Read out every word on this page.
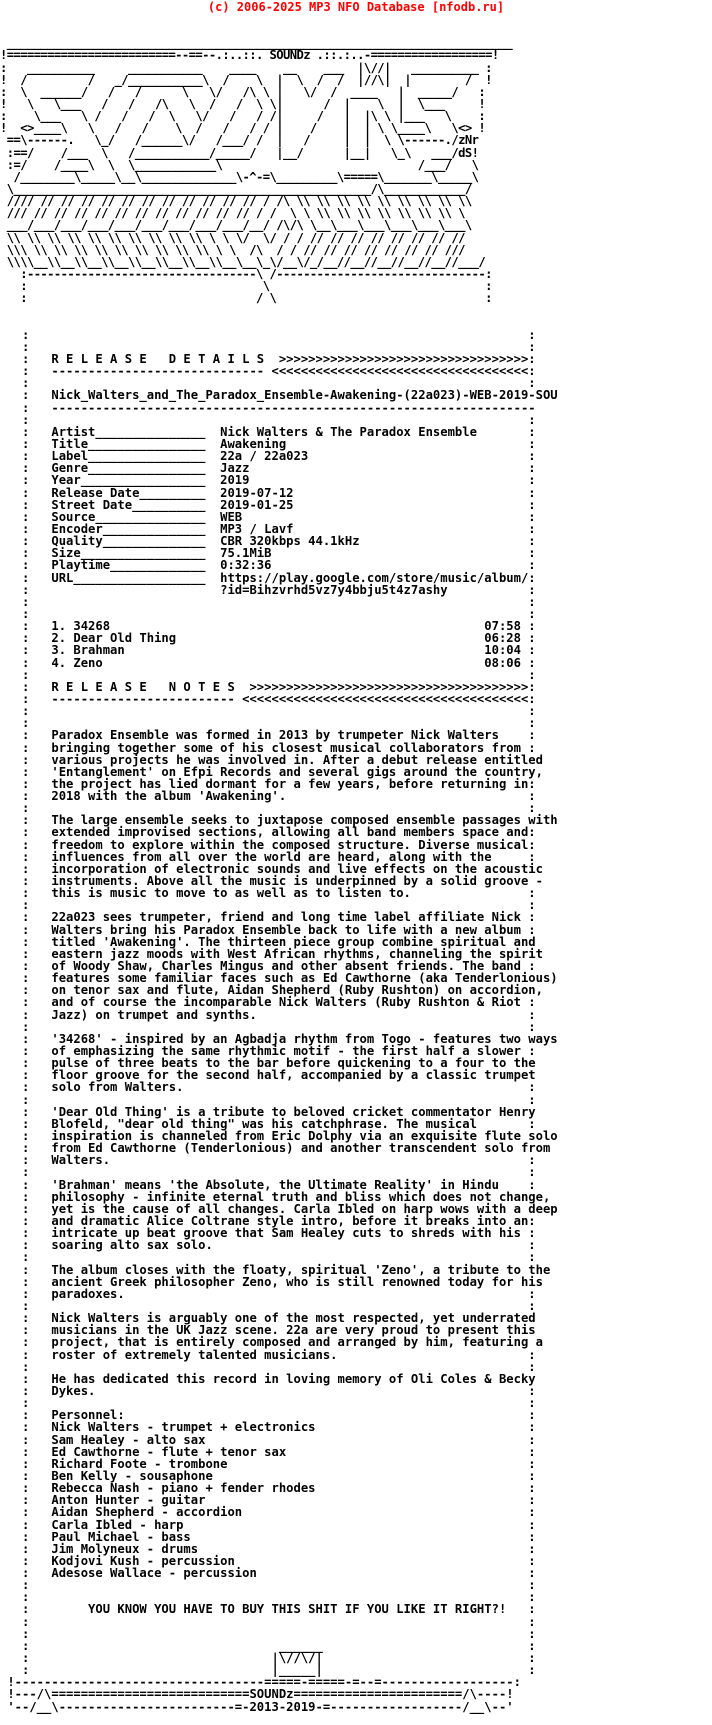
(c) 2006-2025 MP3 NFO Database [nfodb.ru]

___________________________________________________________________________
!=========================--==--.:..::. SOUNDz .::.:..-==================!
:   __________     ___________    ____    __    ___  |\//|   __________ :
!  /         /   _/___________\  /    \  |  \  /  /  |//\|  |        /  !
:  \  ______/   /   /      \   \/   /\ \ |   \/  /  ____   |  _____/   :
!   \   \___   /   /   /\   \  /   /  \ \|      /  |    \  |  \___     !
:    \___   \ /   /   /  \   \/   /   / /|     /   |  |\ \ |___   \    :
!  <>____\   \   /   /    \  /   /   / / |    /    |  | \ \____\   \<> !
==\------.   \_/   /______\/   /___/ /  |   /     |  |  \ \------./zNr
:==/    /___  \   /___________/_____/   |__/      |__|   \_\   ___/dS!
:=/    /____\  \  \____________\                             /___/   \
/________\_____\__\______________\-^-=\_________\=====\_______\_____\
\_____________________________________________________/\____________/
//// // // // // // // // // // // // / /\ \\ \\ \\ \\ \\ \\ \\ \\ \\
/// // // // // // // // // // // // / /  \ \ \\ \\ \\ \\ \\ \\ \\ \
___/___/___/___/___/___/___/___/___/__/ /\/\ \__\___\___\___\___\___\
\\ \\ \\ \\ \\ \\ \\ \\ \\ \\ \ \ \/  \/ / / // // // // // // // //
\\\ \\ \\ \\ \\ \\ \\ \\ \\ \\ \ \  /\  / / // // // // // // // ///
\\\\__\\__\\__\\__\\__\\__\\__\\__\__\_\/__\/_/__//__//__//__//__//___/
:----------------------------------\ /-------------------------------:
:                                   \                                :
:                                  / \                               :

:                                                                    :
:                                                                    :
:   R E L E A S E   D E T A I L S  >>>>>>>>>>>>>>>>>>>>>>>>>>>>>>>>>>:
:   ----------------------------- <<<<<<<<<<<<<<<<<<<<<<<<<<<<<<<<<<<:
:                                                                    :
:   Nick_Walters_and_The_Paradox_Ensemble-Awakening-(22a023)-WEB-2019-SOU
:   ------------------------------------------------------------------
:                                                                    :
:   Artist_______________  Nick Walters & The Paradox Ensemble       :
:   Title________________  Awakening                                 :
:   Label________________  22a / 22a023                              :
:   Genre________________  Jazz                                      :
:   Year_________________  2019                                      :
:   Release Date_________  2019-07-12                                :
:   Street Date__________  2019-01-25                                :
:   Source_______________  WEB                                       :
:   Encoder______________  MP3 / Lavf                                :
:   Quality______________  CBR 320kbps 44.1kHz                       :
:   Size_________________  75.1MiB                                   :
:   Playtime_____________  0:32:36                                   :
:   URL__________________  https://play.google.com/store/music/album/:
:                          ?id=Bihzvrhd5vz7y4bbju5t4z7ashy           :
:                                                                    :
:                                                                    :
:   1. 34268                                                   07:58 :
:   2. Dear Old Thing                                          06:28 :
:   3. Brahman                                                 10:04 :
:   4. Zeno                                                    08:06 :
:                                                                    :
:   R E L E A S E   N O T E S  >>>>>>>>>>>>>>>>>>>>>>>>>>>>>>>>>>>>>>:
:   ------------------------- <<<<<<<<<<<<<<<<<<<<<<<<<<<<<<<<<<<<<<<:
:                                                                    :
:                                                                    :
:   Paradox Ensemble was formed in 2013 by trumpeter Nick Walters    :
:   bringing together some of his closest musical collaborators from :
:   various projects he was involved in. After a debut release entitled
:   'Entanglement' on Efpi Records and several gigs around the country,
:   the project has lied dormant for a few years, before returning in:
:   2018 with the album 'Awakening'.                                 :
:                                                                    :
:   The large ensemble seeks to juxtapose composed ensemble passages with
:   extended improvised sections, allowing all band members space and:
:   freedom to explore within the composed structure. Diverse musical:
:   influences from all over the world are heard, along with the     :
:   incorporation of electronic sounds and live effects on the acoustic
:   instruments. Above all the music is underpinned by a solid groove -
:   this is music to move to as well as to listen to.                :
:                                                                    :
:   22a023 sees trumpeter, friend and long time label affiliate Nick :
:   Walters bring his Paradox Ensemble back to life with a new album :
:   titled 'Awakening'. The thirteen piece group combine spiritual and
:   eastern jazz moods with West African rhythms, channeling the spirit
:   of Woody Shaw, Charles Mingus and other absent friends. The band :
:   features some familiar faces such as Ed Cawthorne (aka Tenderlonious)
:   on tenor sax and flute, Aidan Shepherd (Ruby Rushton) on accordion,
:   and of course the incomparable Nick Walters (Ruby Rushton & Riot :
:   Jazz) on trumpet and synths.                                     :
:                                                                    :
:   '34268' - inspired by an Agbadja rhythm from Togo - features two ways
:   of emphasizing the same rhythmic motif - the first half a slower :
:   pulse of three beats to the bar before quickening to a four to the
:   floor groove for the second half, accompanied by a classic trumpet
:   solo from Walters.                                               :
:                                                                    :
:   'Dear Old Thing' is a tribute to beloved cricket commentator Henry
:   Blofeld, "dear old thing" was his catchphrase. The musical       :
:   inspiration is channeled from Eric Dolphy via an exquisite flute solo
:   from Ed Cawthorne (Tenderlonious) and another transcendent solo from
:   Walters.                                                         :
:                                                                    :
:   'Brahman' means 'the Absolute, the Ultimate Reality' in Hindu    :
:   philosophy - infinite eternal truth and bliss which does not change,
:   yet is the cause of all changes. Carla Ibled on harp wows with a deep
:   and dramatic Alice Coltrane style intro, before it breaks into an:
:   intricate up beat groove that Sam Healey cuts to shreds with his :
:   soaring alto sax solo.                                           :
:                                                                    :
:   The album closes with the floaty, spiritual 'Zeno', a tribute to the
:   ancient Greek philosopher Zeno, who is still renowned today for his
:   paradoxes.                                                       :
:                                                                    :
:   Nick Walters is arguably one of the most respected, yet underrated
:   musicians in the UK Jazz scene. 22a are very proud to present this
:   project, that is entirely composed and arranged by him, featuring a
:   roster of extremely talented musicians.                          :
:                                                                    :
:   He has dedicated this record in loving memory of Oli Coles & Becky
:   Dykes.                                                           :
:                                                                    :
:   Personnel:                                                       :
:   Nick Walters - trumpet + electronics                             :
:   Sam Healey - alto sax                                            :
:   Ed Cawthorne - flute + tenor sax                                 :
:   Richard Foote - trombone                                         :
:   Ben Kelly - sousaphone                                           :
:   Rebecca Nash - piano + fender rhodes                             :
:   Anton Hunter - guitar                                            :
:   Aidan Shepherd - accordion                                       :
:   Carla Ibled - harp                                               :
:   Paul Michael - bass                                              :
:   Jim Molyneux - drums                                             :
:   Kodjovi Kush - percussion                                        :
:   Adesose Wallace - percussion                                     :
:                                                                    :
:                                                                    :
:        YOU KNOW YOU HAVE TO BUY THIS SHIT IF YOU LIKE IT RIGHT?!   :
:                                                                    :
:                                                                    :
:                                  ______                            :
:                                 |\//\/|                            :
:                                 |_____|                            :
!----------------------------------=====-=====-=--=------------------:
!---/\===========================SOUNDz=======================/\----!
'--/__\------------------------=-2013-2019-=------------------/__\--'
